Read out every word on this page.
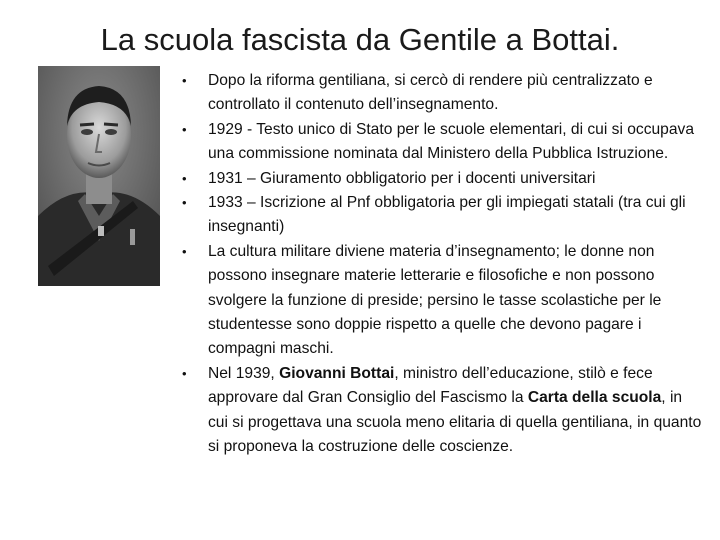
La scuola fascista da Gentile a Bottai.
•	Dopo la riforma gentiliana, si cercò di rendere più centralizzato e controllato il contenuto dell’insegnamento.
•	1929 - Testo unico di Stato per le scuole elementari, di cui si occupava una commissione nominata dal Ministero della Pubblica Istruzione.
•	1931 – Giuramento obbligatorio per i docenti universitari
•	1933 – Iscrizione al Pnf obbligatoria per gli impiegati statali (tra cui gli insegnanti)
•	La cultura militare diviene materia d’insegnamento; le donne non possono insegnare materie letterarie e filosofiche e non possono svolgere la funzione di preside; persino le tasse scolastiche per le studentesse sono doppie rispetto a quelle che devono pagare i compagni maschi.
•	Nel 1939, Giovanni Bottai, ministro dell’educazione, stilò e fece approvare dal Gran Consiglio del Fascismo la Carta della scuola, in cui si progettava una scuola meno elitaria di quella gentiliana, in quanto si proponeva la costruzione delle coscienze.
